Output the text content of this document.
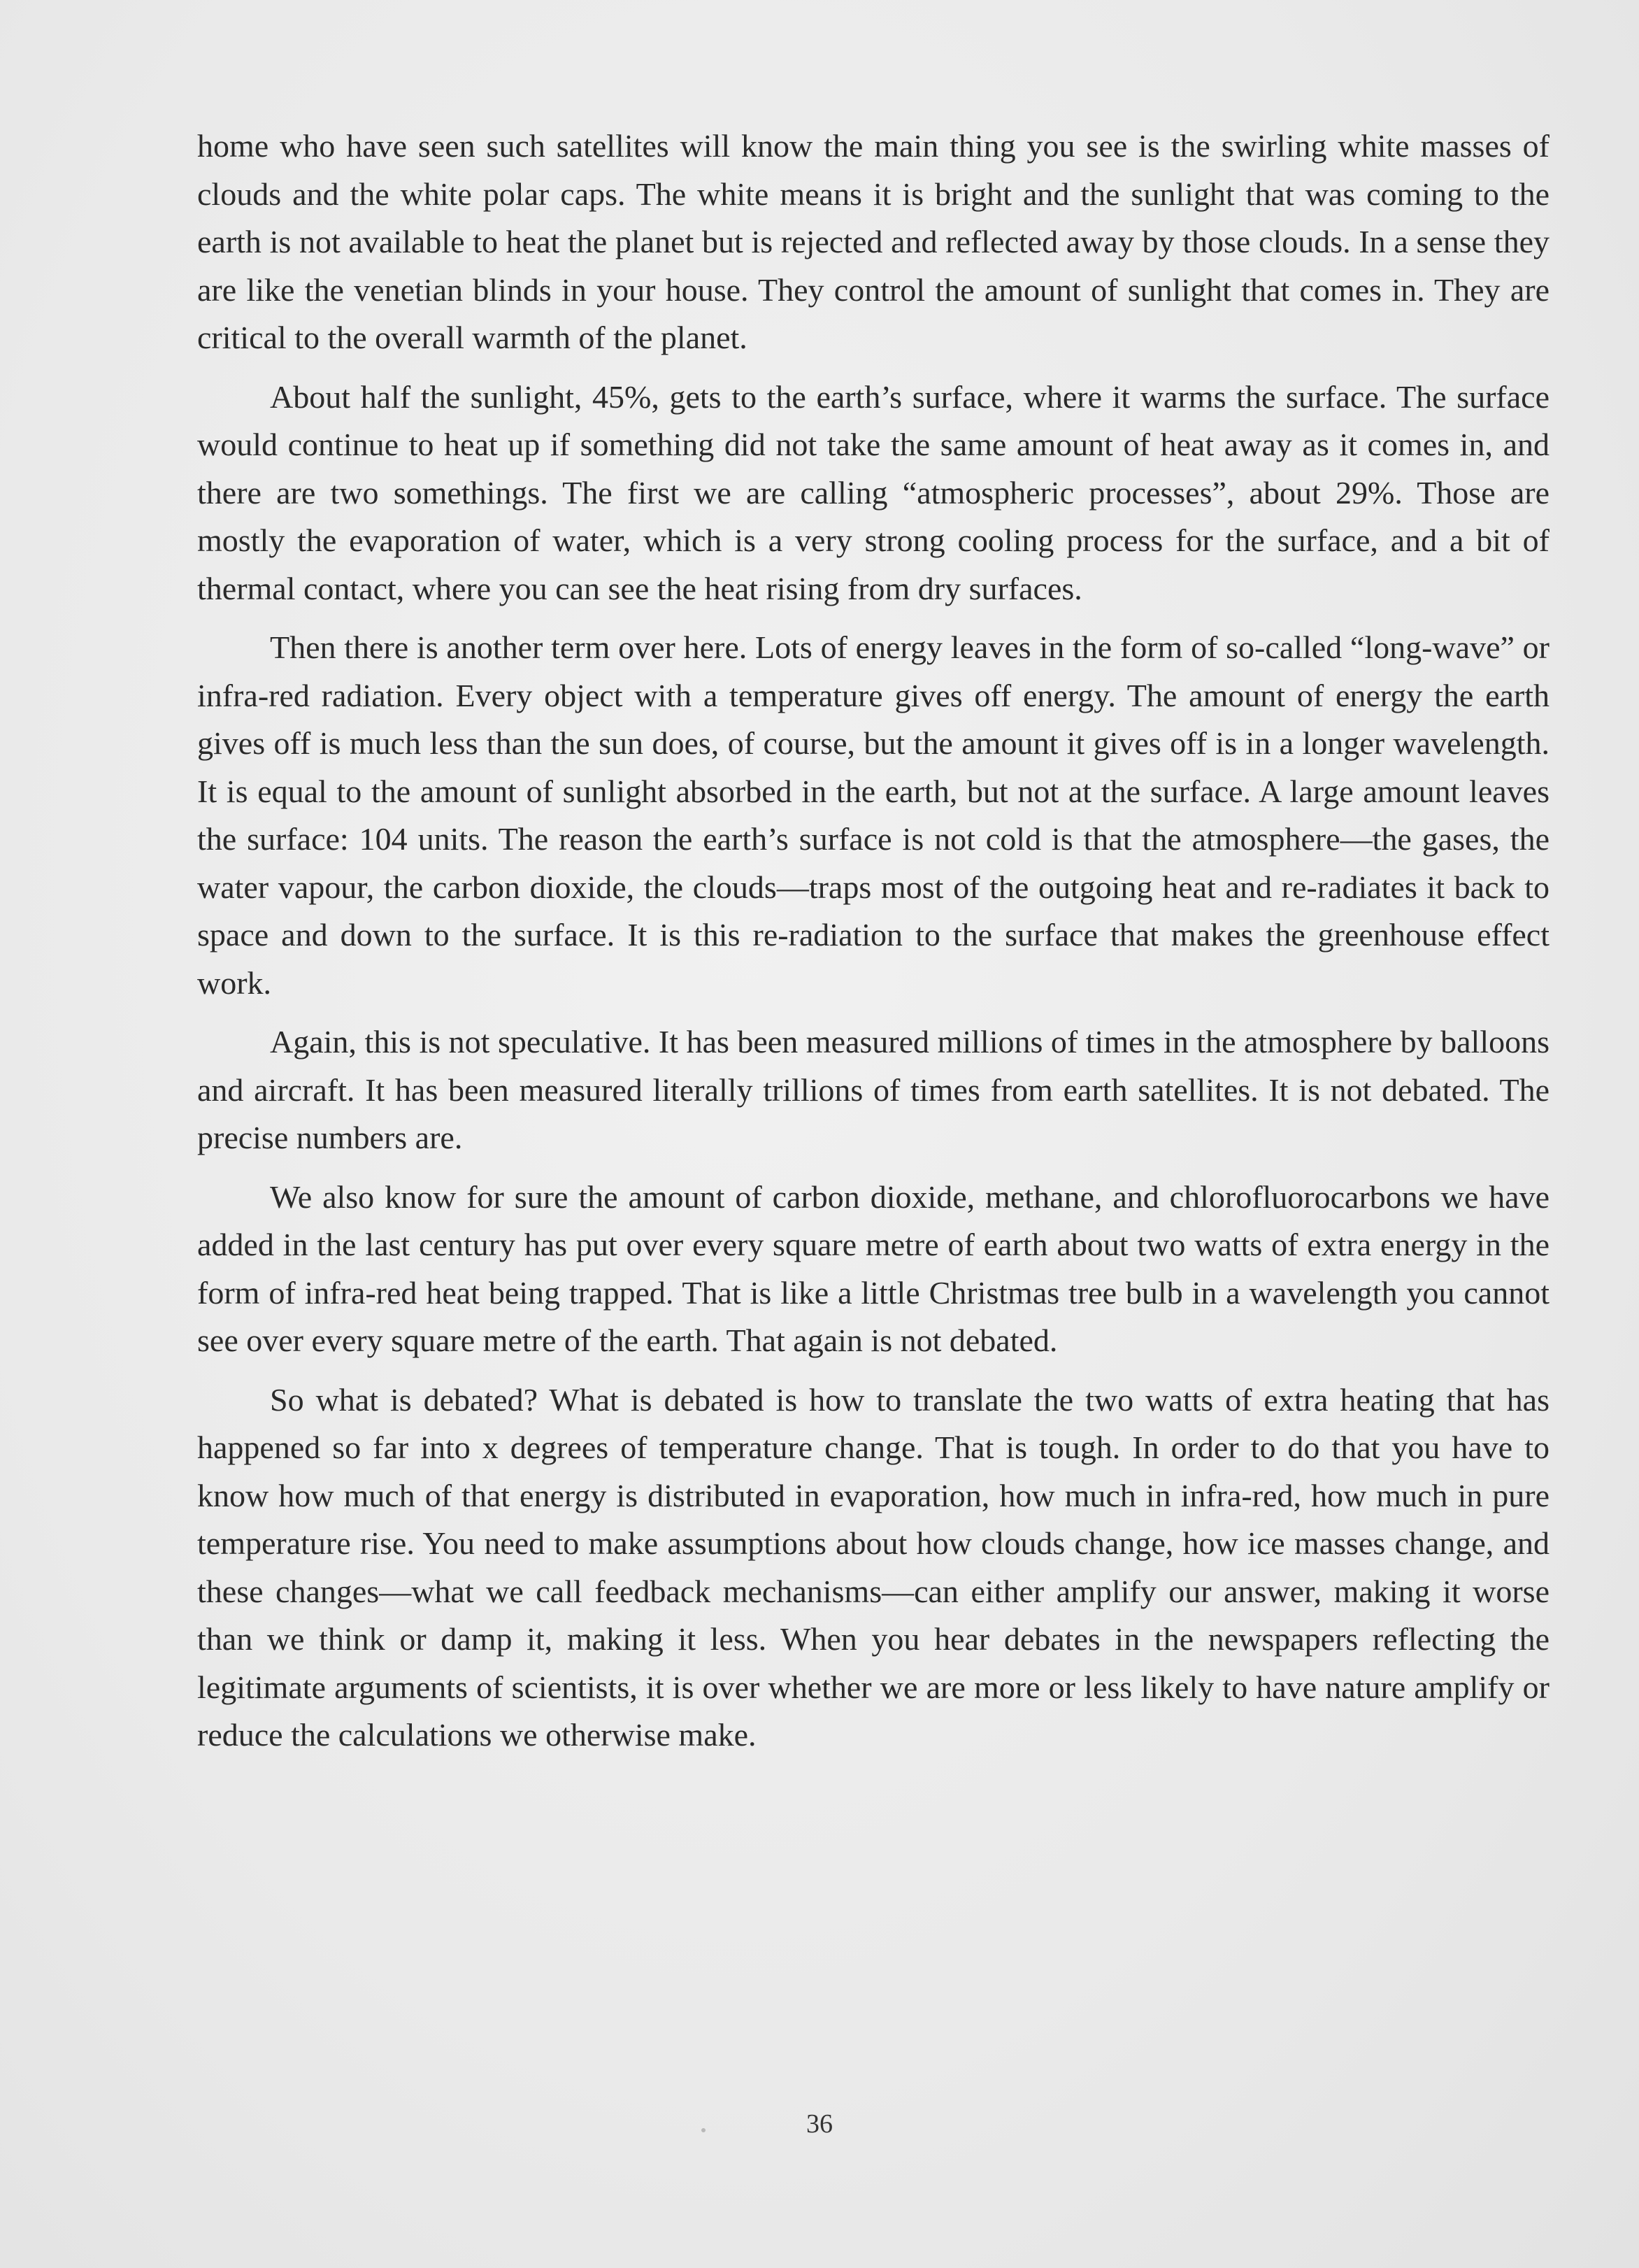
home who have seen such satellites will know the main thing you see is the swirling white masses of clouds and the white polar caps. The white means it is bright and the sunlight that was coming to the earth is not available to heat the planet but is rejected and reflected away by those clouds. In a sense they are like the venetian blinds in your house. They control the amount of sunlight that comes in. They are critical to the overall warmth of the planet.

About half the sunlight, 45%, gets to the earth’s surface, where it warms the surface. The surface would continue to heat up if something did not take the same amount of heat away as it comes in, and there are two somethings. The first we are calling “atmospheric processes”, about 29%. Those are mostly the evaporation of water, which is a very strong cooling process for the surface, and a bit of thermal contact, where you can see the heat rising from dry surfaces.

Then there is another term over here. Lots of energy leaves in the form of so-called “long-wave” or infra-red radiation. Every object with a temperature gives off energy. The amount of energy the earth gives off is much less than the sun does, of course, but the amount it gives off is in a longer wavelength. It is equal to the amount of sunlight absorbed in the earth, but not at the surface. A large amount leaves the surface: 104 units. The reason the earth’s surface is not cold is that the atmosphere—the gases, the water vapour, the carbon dioxide, the clouds—traps most of the outgoing heat and re-radiates it back to space and down to the surface. It is this re-radiation to the surface that makes the greenhouse effect work.

Again, this is not speculative. It has been measured millions of times in the atmosphere by balloons and aircraft. It has been measured literally trillions of times from earth satellites. It is not debated. The precise numbers are.

We also know for sure the amount of carbon dioxide, methane, and chlorofluorocarbons we have added in the last century has put over every square metre of earth about two watts of extra energy in the form of infra-red heat being trapped. That is like a little Christmas tree bulb in a wavelength you cannot see over every square metre of the earth. That again is not debated.

So what is debated? What is debated is how to translate the two watts of extra heating that has happened so far into x degrees of temperature change. That is tough. In order to do that you have to know how much of that energy is distributed in evaporation, how much in infra-red, how much in pure temperature rise. You need to make assumptions about how clouds change, how ice masses change, and these changes—what we call feedback mechanisms—can either amplify our answer, making it worse than we think or damp it, making it less. When you hear debates in the newspapers reflecting the legitimate arguments of scientists, it is over whether we are more or less likely to have nature amplify or reduce the calculations we otherwise make.

36
